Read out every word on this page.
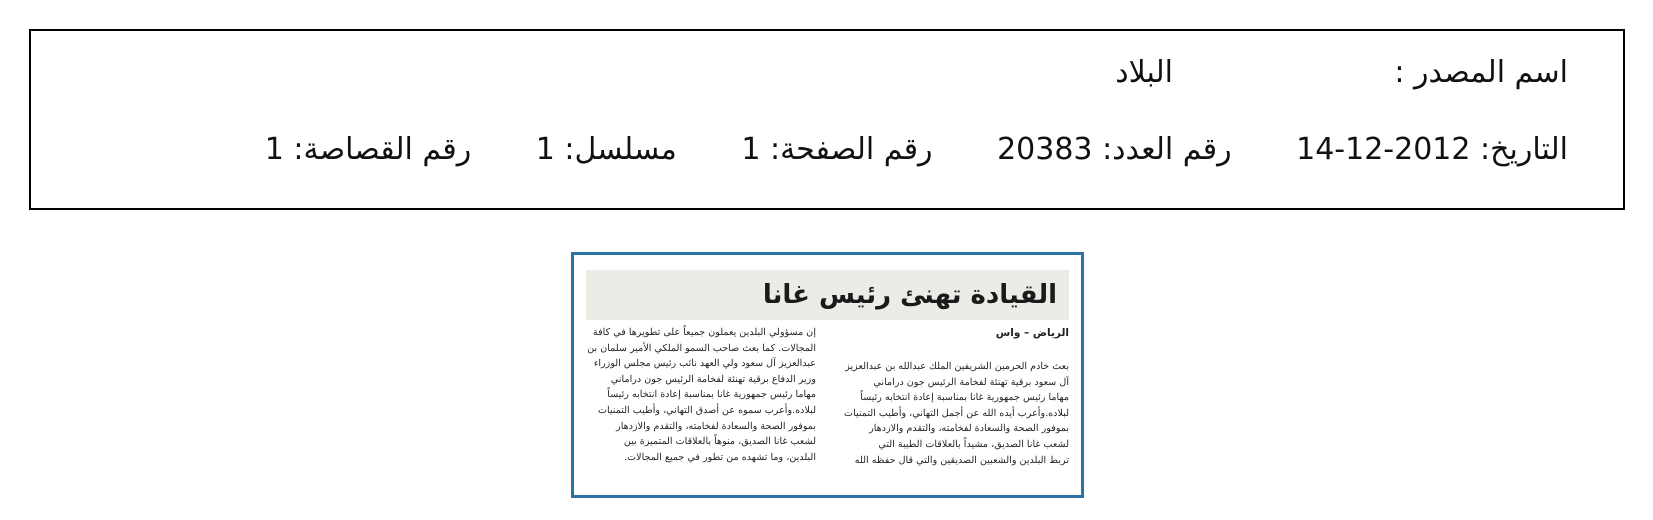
اسم المصدر :
البلاد
التاريخ: 14-12-2012 رقم العدد: 20383 رقم الصفحة: 1 مسلسل: 1 رقم القصاصة: 1
القيادة تهنئ رئيس غانا
الرياض – واس

بعث خادم الحرمين الشريفين الملك عبدالله بن عبدالعزيز

آل سعود برقية تهنئة لفخامة الرئيس جون دراماني

مهاما رئيس جمهورية غانا بمناسبة إعادة انتخابه رئيساً

لبلاده.وأعرب أيده الله عن أجمل التهاني، وأطيب التمنيات

بموفور الصحة والسعادة لفخامته، والتقدم والازدهار

لشعب غانا الصديق، مشيداً بالعلاقات الطيبة التي

تربط البلدين والشعبين الصديقين والتي قال حفظه الله

إن مسؤولي البلدين يعملون جميعاً على تطويرها في كافة

المجالات. كما بعث صاحب السمو الملكي الأمير سلمان بن

عبدالعزيز آل سعود ولي العهد نائب رئيس مجلس الوزراء

وزير الدفاع برقية تهنئة لفخامة الرئيس جون دراماني

مهاما رئيس جمهورية غانا بمناسبة إعادة انتخابه رئيساً

لبلاده.وأعرب سموه عن أصدق التهاني، وأطيب التمنيات

بموفور الصحة والسعادة لفخامته، والتقدم والازدهار

لشعب غانا الصديق، منوهاً بالعلاقات المتميزة بين

البلدين، وما تشهده من تطور في جميع المجالات.
